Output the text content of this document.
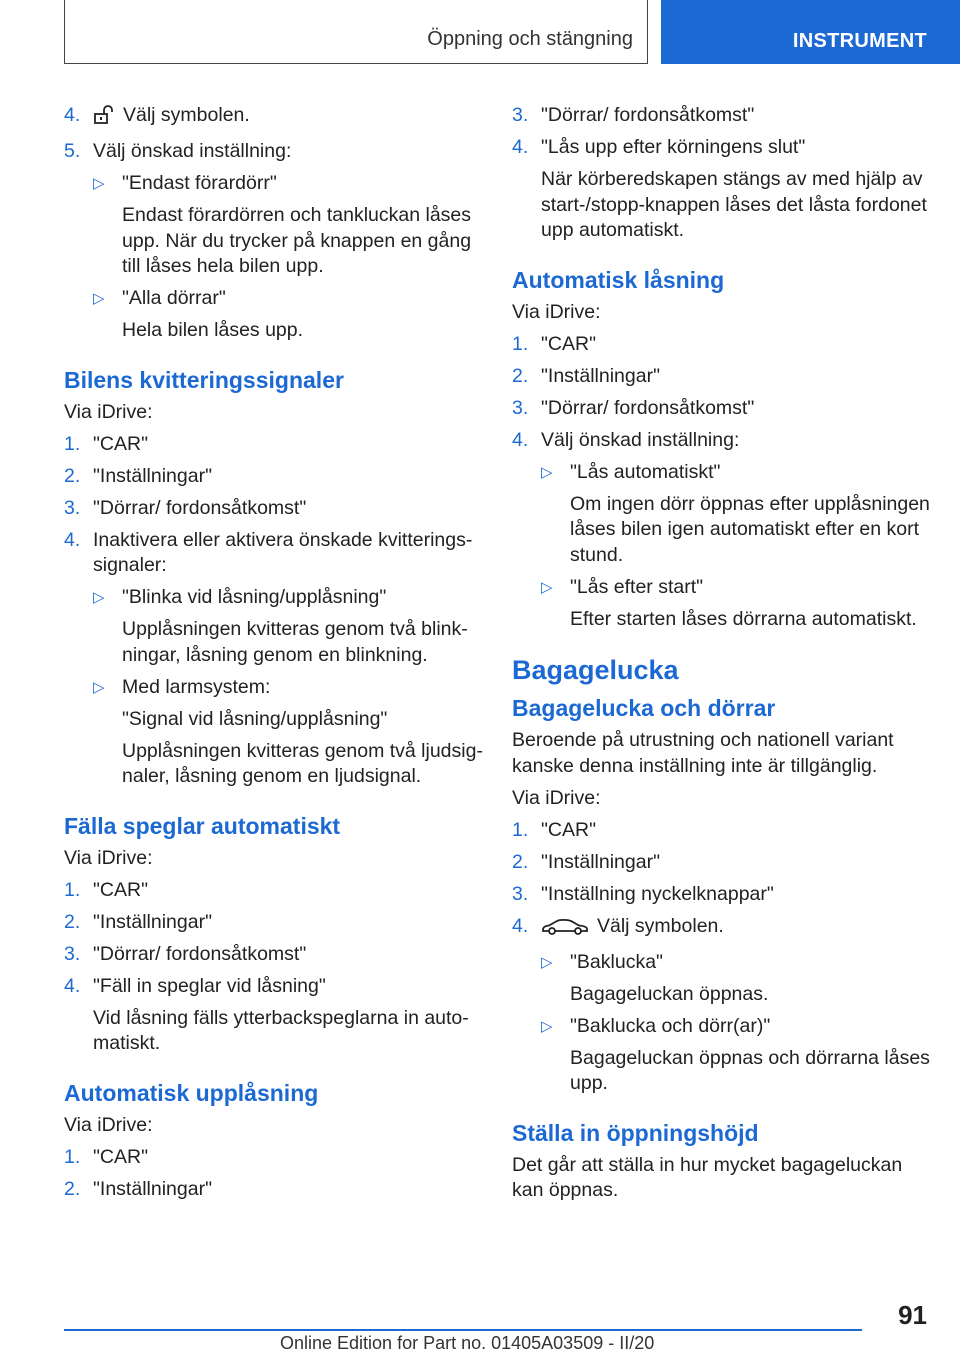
Öppning och stängning	INSTRUMENT
4. Välj symbolen.
5. Välj önskad inställning:
▷ "Endast förardörr"
Endast förardörren och tankluckan låses upp. När du trycker på knappen en gång till låses hela bilen upp.
▷ "Alla dörrar"
Hela bilen låses upp.
Bilens kvitteringssignaler
Via iDrive:
1. "CAR"
2. "Inställningar"
3. "Dörrar/ fordonsåtkomst"
4. Inaktivera eller aktivera önskade kvitteringssignaler:
▷ "Blinka vid låsning/upplåsning"
Upplåsningen kvitteras genom två blinkningar, låsning genom en blinkning.
▷ Med larmsystem:
"Signal vid låsning/upplåsning"
Upplåsningen kvitteras genom två ljudsignaler, låsning genom en ljudsignal.
Fälla speglar automatiskt
Via iDrive:
1. "CAR"
2. "Inställningar"
3. "Dörrar/ fordonsåtkomst"
4. "Fäll in speglar vid låsning"
Vid låsning fälls ytterbackspeglarna in automatiskt.
Automatisk upplåsning
Via iDrive:
1. "CAR"
2. "Inställningar"
3. "Dörrar/ fordonsåtkomst"
4. "Lås upp efter körningens slut"
När körberedskapen stängs av med hjälp av start-/stopp-knappen låses det låsta fordonet upp automatiskt.
Automatisk låsning
Via iDrive:
1. "CAR"
2. "Inställningar"
3. "Dörrar/ fordonsåtkomst"
4. Välj önskad inställning:
▷ "Lås automatiskt"
Om ingen dörr öppnas efter upplåsningen låses bilen igen automatiskt efter en kort stund.
▷ "Lås efter start"
Efter starten låses dörrarna automatiskt.
Bagagelucka
Bagagelucka och dörrar
Beroende på utrustning och nationell variant kanske denna inställning inte är tillgänglig.
Via iDrive:
1. "CAR"
2. "Inställningar"
3. "Inställning nyckelknappar"
4.	Välj symbolen.
▷ "Baklucka"
Bagageluckan öppnas.
▷ "Baklucka och dörr(ar)"
Bagageluckan öppnas och dörrarna låses upp.
Ställa in öppningshöjd
Det går att ställa in hur mycket bagageluckan kan öppnas.
91
Online Edition for Part no. 01405A03509 - II/20
